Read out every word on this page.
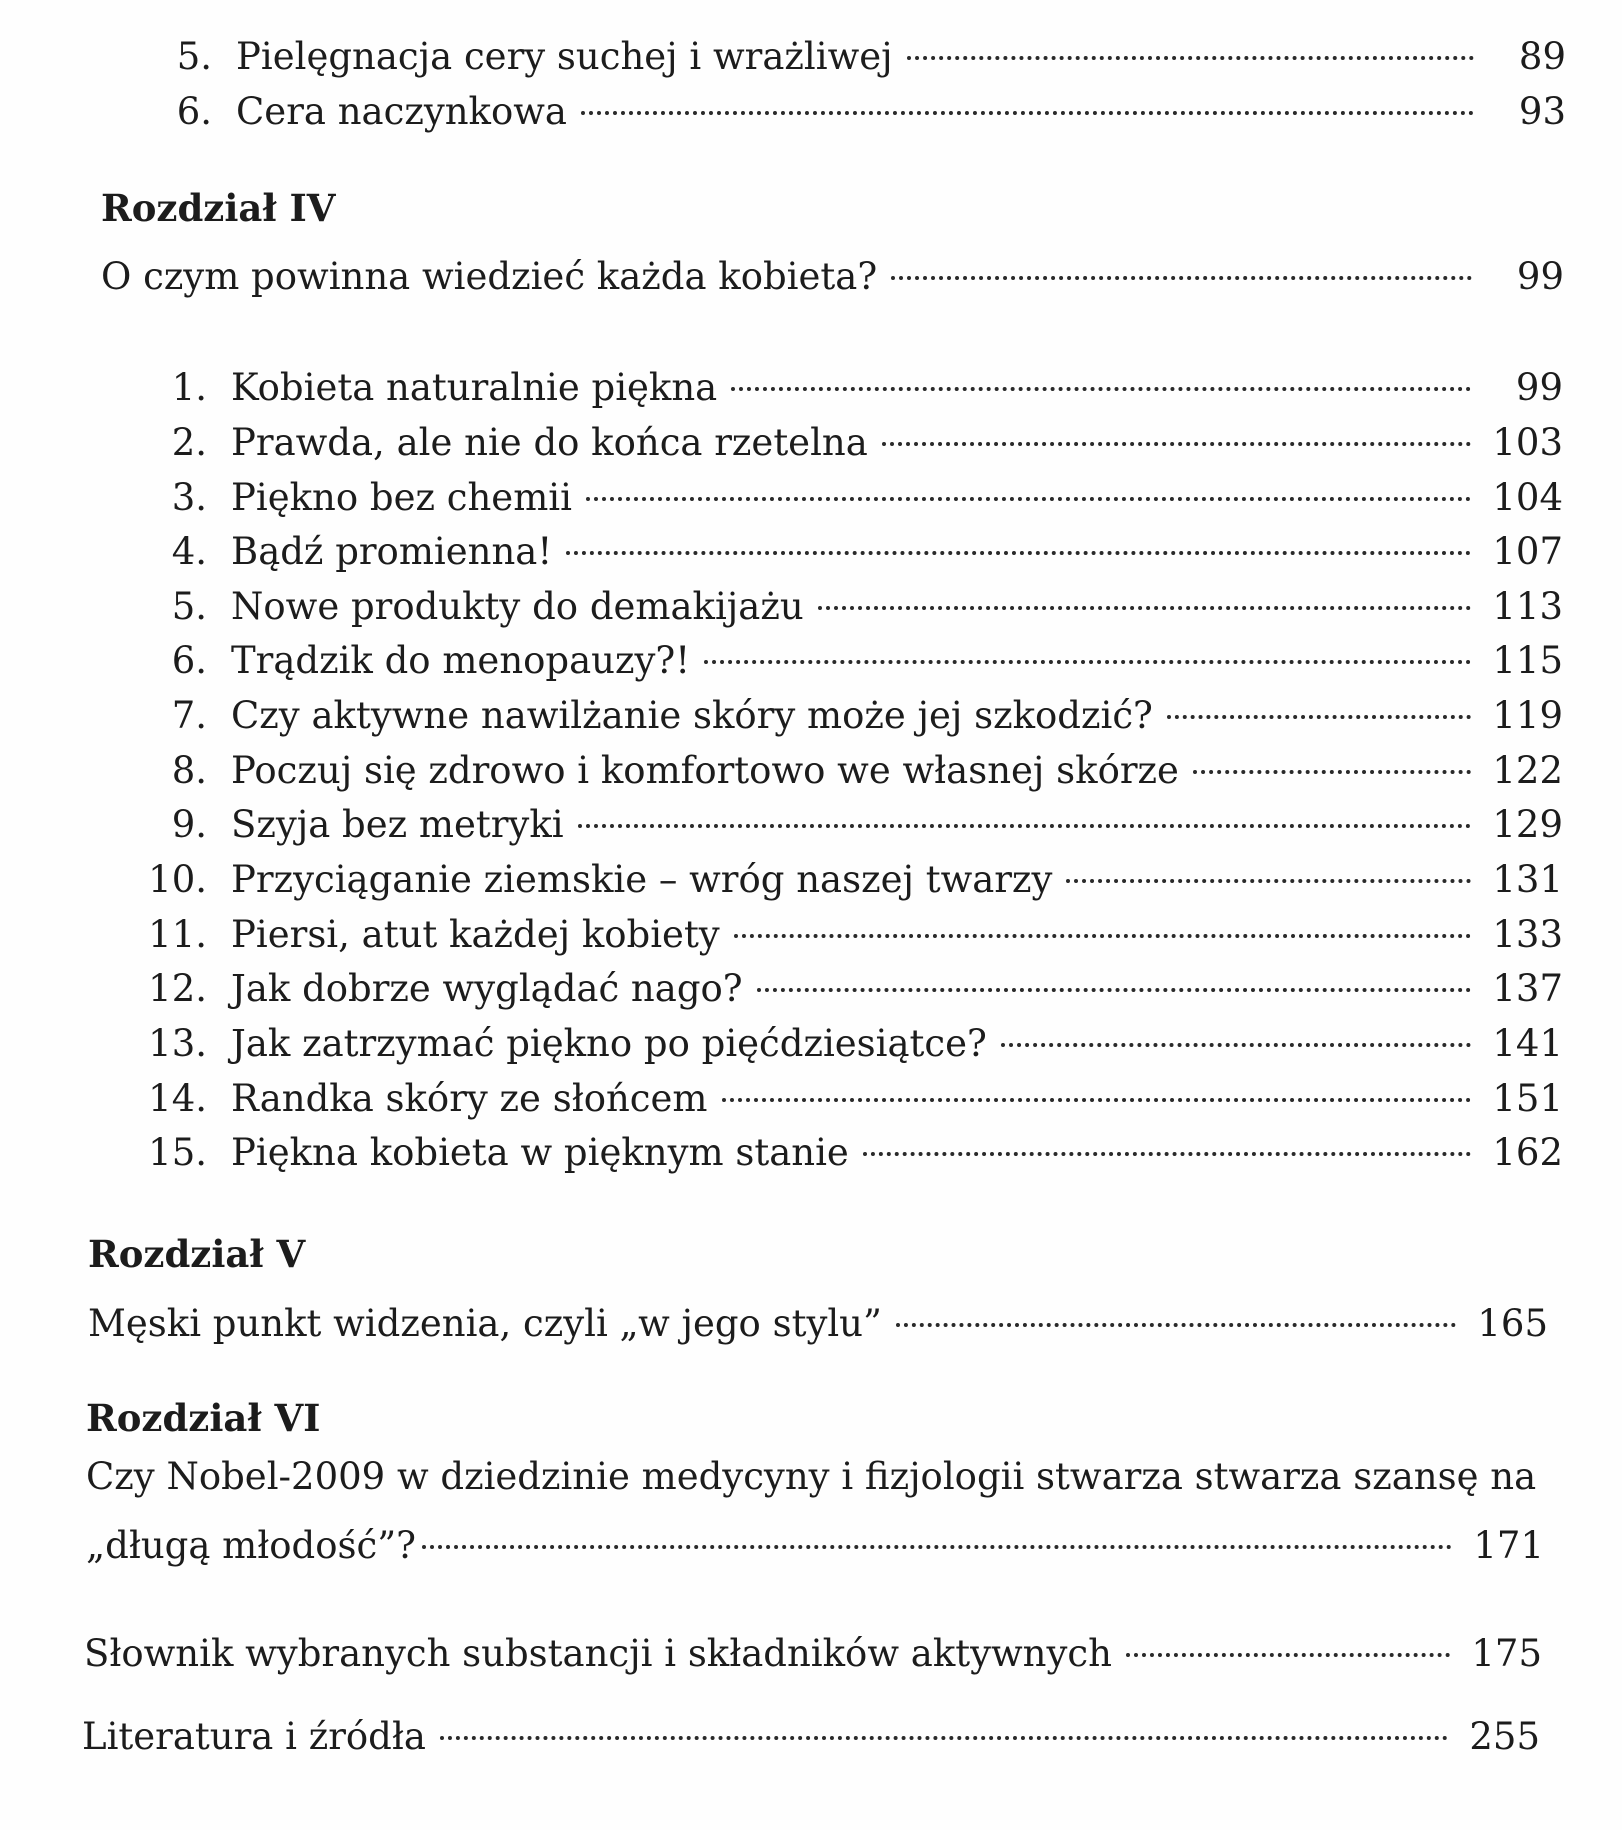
5. Pielęgnacja cery suchej i wrażliwej	89
6. Cera naczynkowa	93
Rozdział IV
O czym powinna wiedzieć każda kobieta?	99
1. Kobieta naturalnie piękna	99
2. Prawda, ale nie do końca rzetelna	103
3. Piękno bez chemii	104
4. Bądź promienna!	107
5. Nowe produkty do demakijażu	113
6. Trądzik do menopauzy?!	115
7. Czy aktywne nawilżanie skóry może jej szkodzić?	119
8. Poczuj się zdrowo i komfortowo we własnej skórze	122
9. Szyja bez metryki	129
10. Przyciąganie ziemskie – wróg naszej twarzy	131
11. Piersi, atut każdej kobiety	133
12. Jak dobrze wyglądać nago?	137
13. Jak zatrzymać piękno po pięćdziesiątce?	141
14. Randka skóry ze słońcem	151
15. Piękna kobieta w pięknym stanie	162
Rozdział V
Męski punkt widzenia, czyli „w jego stylu”	165
Rozdział VI
Czy Nobel-2009 w dziedzinie medycyny i fizjologii stwarza stwarza szansę na
„długą młodość”?	171
Słownik wybranych substancji i składników aktywnych	175
Literatura i źródła	255
